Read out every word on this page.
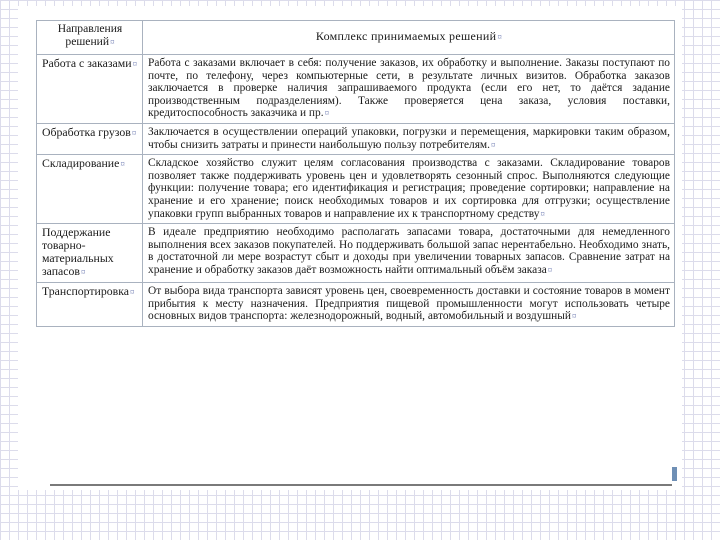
Направления решений¤	Комплекс принимаемых решений¤
Работа с заказами¤	Работа с заказами включает в себя: получение заказов, их обработку и выполнение. Заказы поступают по почте, по телефону, через компьютерные сети, в результате личных визитов. Обработка заказов заключается в проверке наличия запрашиваемого продукта (если его нет, то даётся задание производственным подразделениям). Также проверяется цена заказа, условия поставки, кредитоспособность заказчика и пр.¤
Обработка грузов¤	Заключается в осуществлении операций упаковки, погрузки и перемещения, маркировки таким образом, чтобы снизить затраты и принести наибольшую пользу потребителям.¤
Складирование¤	Складское хозяйство служит целям согласования производства с заказами. Складирование товаров позволяет также поддерживать уровень цен и удовлетворять сезонный спрос. Выполняются следующие функции: получение товара; его идентификация и регистрация; проведение сортировки; направление на хранение и его хранение; поиск необходимых товаров и их сортировка для отгрузки; осуществление упаковки групп выбранных товаров и направление их к транспортному средству¤
Поддержание товарно-материальных запасов¤	В идеале предприятию необходимо располагать запасами товара, достаточными для немедленного выполнения всех заказов покупателей. Но поддерживать большой запас нерентабельно. Необходимо знать, в достаточной ли мере возрастут сбыт и доходы при увеличении товарных запасов. Сравнение затрат на хранение и обработку заказов даёт возможность найти оптимальный объём заказа¤
Транспортировка¤	От выбора вида транспорта зависят уровень цен, своевременность доставки и состояние товаров в момент прибытия к месту назначения. Предприятия пищевой промышленности могут использовать четыре основных видов транспорта: железнодорожный, водный, автомобильный и воздушный¤
